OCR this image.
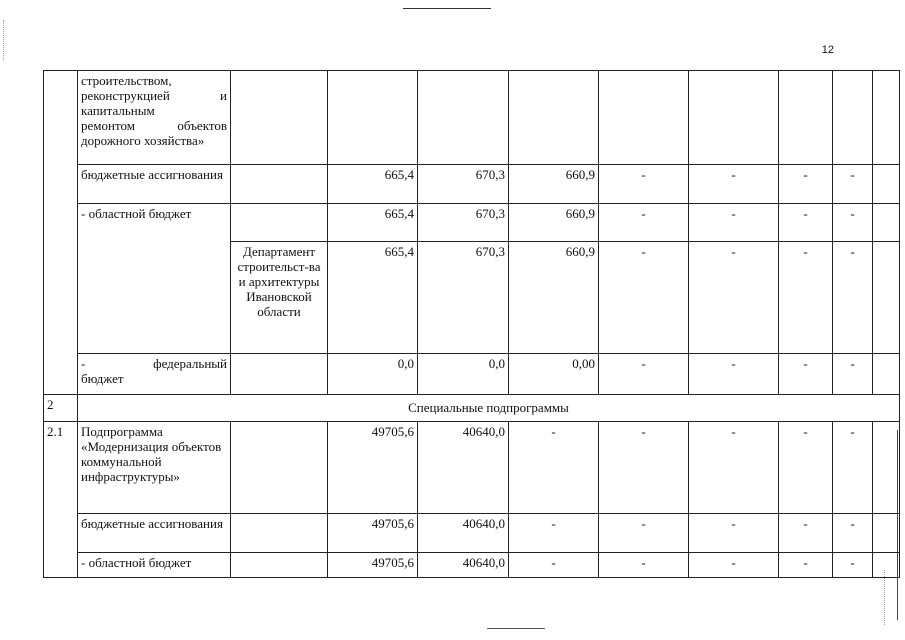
12

	строительством,
реконструкцией и
капитальным
ремонтом объектов
дорожного хозяйства»									

	бюджетные ассигнования		665,4	670,3	660,9	-	-	-	-	
	- областной бюджет		665,4	670,3	660,9	-	-	-	-	
		Департамент строительст-ва и архитектуры Ивановской области	665,4	670,3	660,9	-	-	-	-	

	- федеральный
бюджет		0,0	0,0	0,00	-	-	-	-	
2	Специальные подпрограммы									
2.1	Подпрограмма «Модернизация объектов коммунальной инфраструктуры»		49705,6	40640,0	-	-	-	-	-	
	бюджетные ассигнования		49705,6	40640,0	-	-	-	-	-	
	- областной бюджет		49705,6	40640,0	-	-	-	-	-	
